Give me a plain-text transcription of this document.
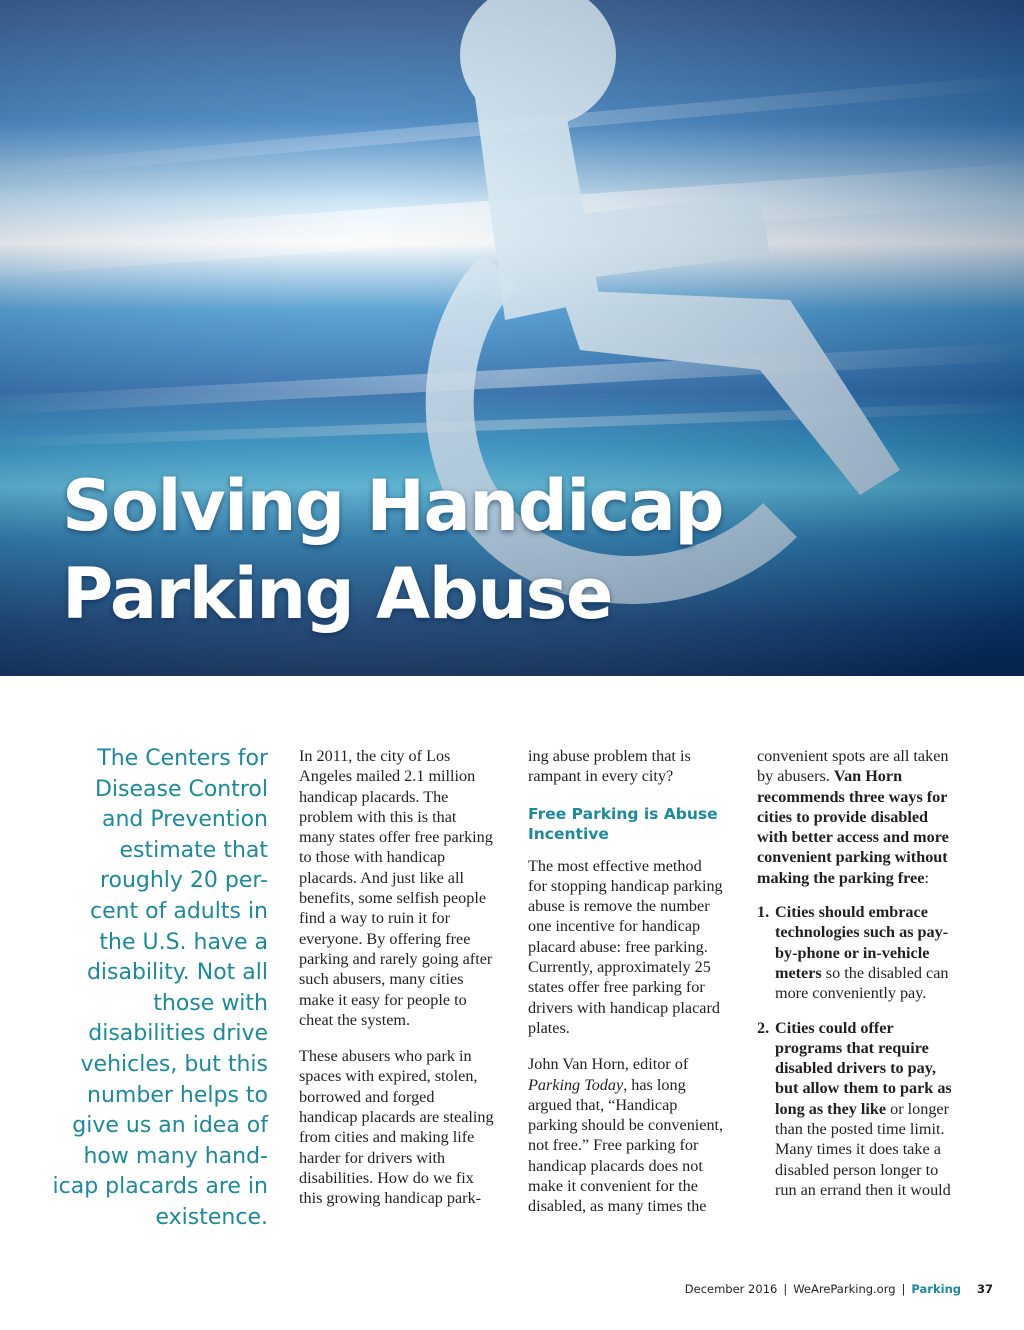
Solving Handicap
Parking Abuse

The Centers for Disease Control and Prevention estimate that roughly 20 per-cent of adults in the U.S. have a disability. Not all those with disabilities drive vehicles, but this number helps to give us an idea of how many hand-icap placards are in existence.

In 2011, the city of Los Angeles mailed 2.1 million handicap placards. The problem with this is that many states offer free parking to those with handicap placards. And just like all benefits, some selfish people find a way to ruin it for everyone. By offering free parking and rarely going after such abusers, many cities make it easy for people to cheat the system.

These abusers who park in spaces with expired, stolen, borrowed and forged handicap placards are stealing from cities and making life harder for drivers with disabilities. How do we fix this growing handicap park-

ing abuse problem that is rampant in every city?

Free Parking is Abuse Incentive

The most effective method for stopping handicap parking abuse is remove the number one incentive for handicap placard abuse: free parking. Currently, approximately 25 states offer free parking for drivers with handicap placard plates.

John Van Horn, editor of Parking Today, has long argued that, “Handicap parking should be convenient, not free.” Free parking for handicap placards does not make it convenient for the disabled, as many times the

convenient spots are all taken by abusers. Van Horn recommends three ways for cities to provide disabled with better access and more convenient parking without making the parking free:

1. Cities should embrace technologies such as pay-by-phone or in-vehicle meters so the disabled can more conveniently pay.
2. Cities could offer programs that require disabled drivers to pay, but allow them to park as long as they like or longer than the posted time limit. Many times it does take a disabled person longer to run an errand then it would
December 2016 | WeAreParking.org | Parking 37
